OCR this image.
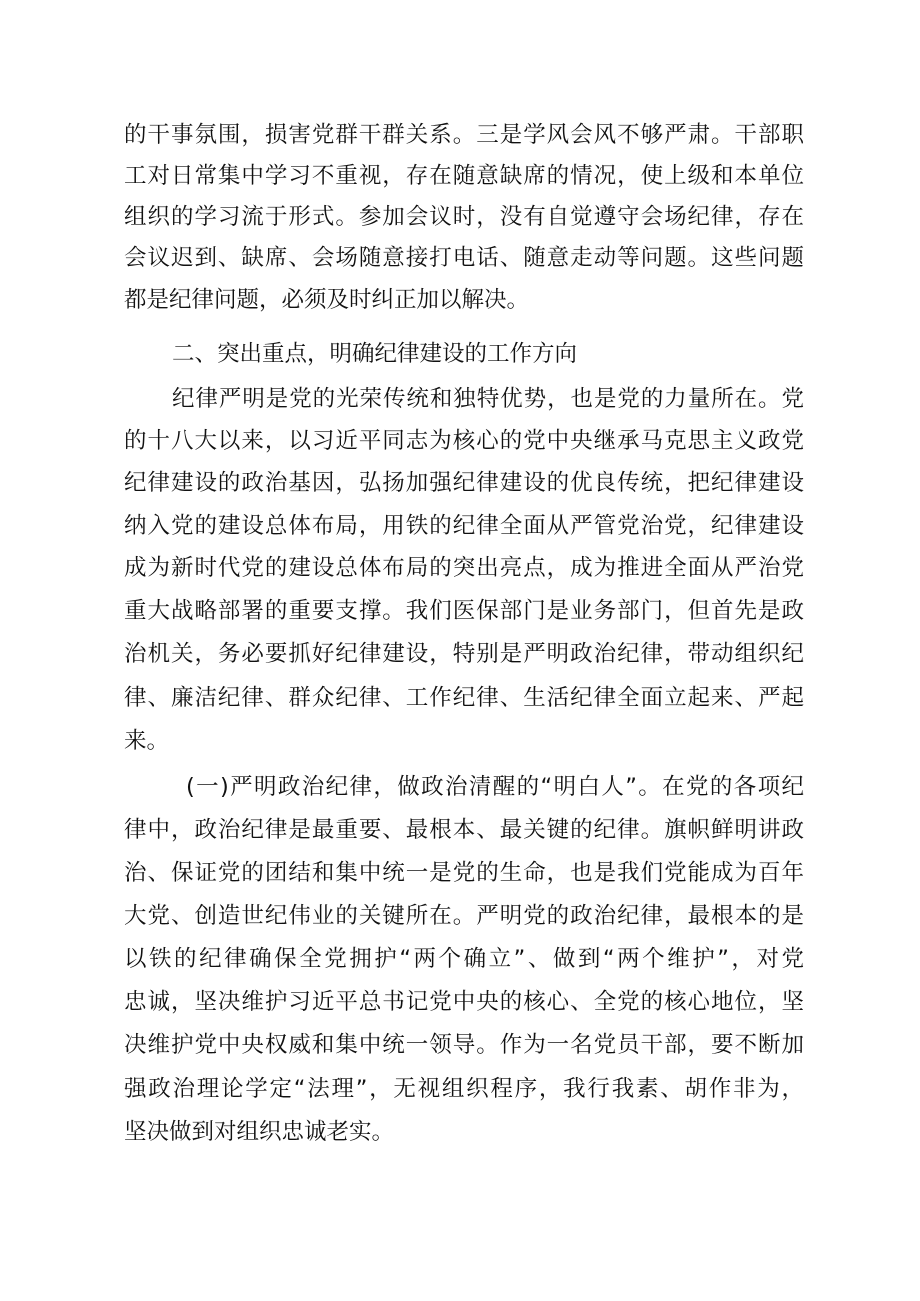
的干事氛围，损害党群干群关系。三是学风会风不够严肃。干部职
工对日常集中学习不重视，存在随意缺席的情况，使上级和本单位
组织的学习流于形式。参加会议时，没有自觉遵守会场纪律，存在
会议迟到、缺席、会场随意接打电话、随意走动等问题。这些问题
都是纪律问题，必须及时纠正加以解决。
二、突出重点，明确纪律建设的工作方向
纪律严明是党的光荣传统和独特优势，也是党的力量所在。党
的十八大以来，以习近平同志为核心的党中央继承马克思主义政党
纪律建设的政治基因，弘扬加强纪律建设的优良传统，把纪律建设
纳入党的建设总体布局，用铁的纪律全面从严管党治党，纪律建设
成为新时代党的建设总体布局的突出亮点，成为推进全面从严治党
重大战略部署的重要支撑。我们医保部门是业务部门，但首先是政
治机关，务必要抓好纪律建设，特别是严明政治纪律，带动组织纪
律、廉洁纪律、群众纪律、工作纪律、生活纪律全面立起来、严起
来。
(一)严明政治纪律，做政治清醒的“明白人”。在党的各项纪
律中，政治纪律是最重要、最根本、最关键的纪律。旗帜鲜明讲政
治、保证党的团结和集中统一是党的生命，也是我们党能成为百年
大党、创造世纪伟业的关键所在。严明党的政治纪律，最根本的是
以铁的纪律确保全党拥护“两个确立”、做到“两个维护”，对党
忠诚，坚决维护习近平总书记党中央的核心、全党的核心地位，坚
决维护党中央权威和集中统一领导。作为一名党员干部，要不断加
强政治理论学定“法理”，无视组织程序，我行我素、胡作非为，
坚决做到对组织忠诚老实。
